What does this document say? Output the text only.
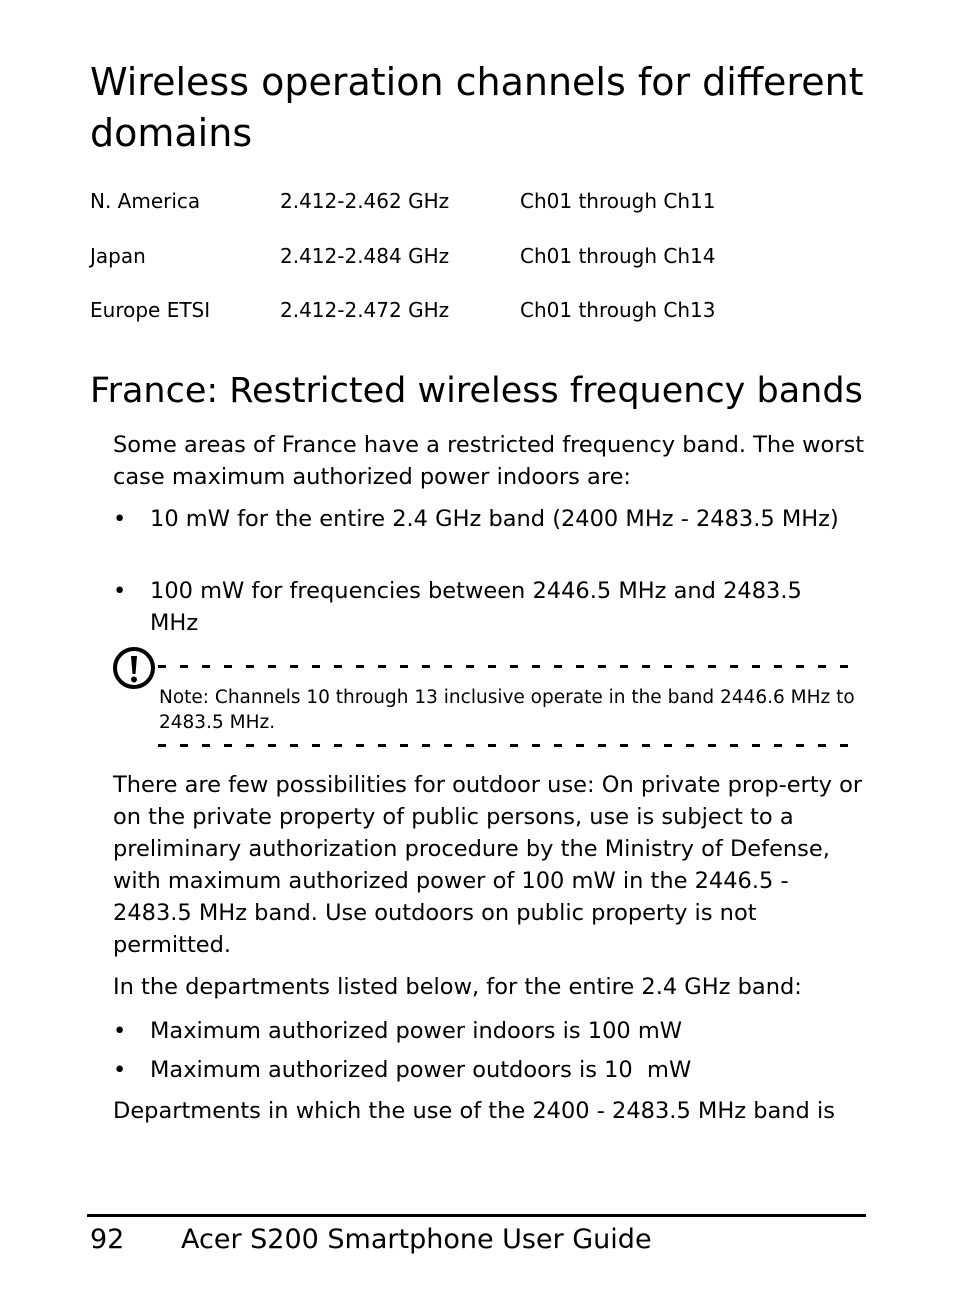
Wireless operation channels for different domains
N. America	2.412-2.462 GHz	Ch01 through Ch11
Japan	2.412-2.484 GHz	Ch01 through Ch14
Europe ETSI	2.412-2.472 GHz	Ch01 through Ch13
France: Restricted wireless frequency bands

Some areas of France have a restricted frequency band. The worst case maximum authorized power indoors are:

• 10 mW for the entire 2.4 GHz band (2400 MHz - 2483.5 MHz)
• 100 mW for frequencies between 2446.5 MHz and 2483.5 MHz
Note: Channels 10 through 13 inclusive operate in the band 2446.6 MHz to 2483.5 MHz.

There are few possibilities for outdoor use: On private prop-erty or on the private property of public persons, use is subject to a preliminary authorization procedure by the Ministry of Defense, with maximum authorized power of 100 mW in the 2446.5 - 2483.5 MHz band. Use outdoors on public property is not permitted.

In the departments listed below, for the entire 2.4 GHz band:

• Maximum authorized power indoors is 100 mW
• Maximum authorized power outdoors is 10  mW

Departments in which the use of the 2400 - 2483.5 MHz band is

92 Acer S200 Smartphone User Guide
